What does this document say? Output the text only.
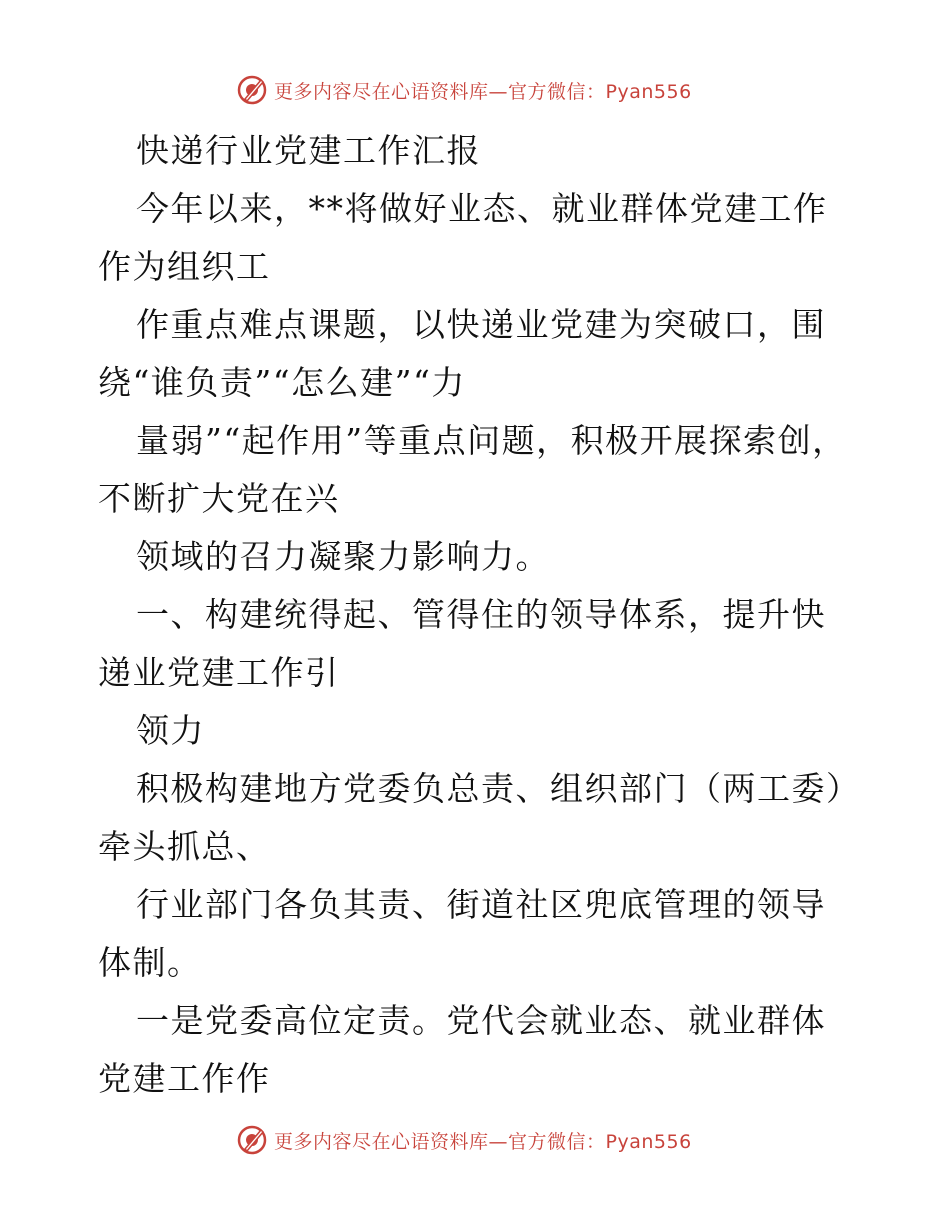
更多内容尽在心语资料库—官方微信：Pyan556

快递行业党建工作汇报

今年以来，**将做好业态、就业群体党建工作作为组织工

作重点难点课题，以快递业党建为突破口，围绕“谁负责”“怎么建”“力

量弱”“起作用”等重点问题，积极开展探索创，不断扩大党在兴

领域的召力凝聚力影响力。

一、构建统得起、管得住的领导体系，提升快递业党建工作引

领力

积极构建地方党委负总责、组织部门（两工委）牵头抓总、

行业部门各负其责、街道社区兜底管理的领导体制。

一是党委高位定责。党代会就业态、就业群体党建工作作

更多内容尽在心语资料库—官方微信：Pyan556
